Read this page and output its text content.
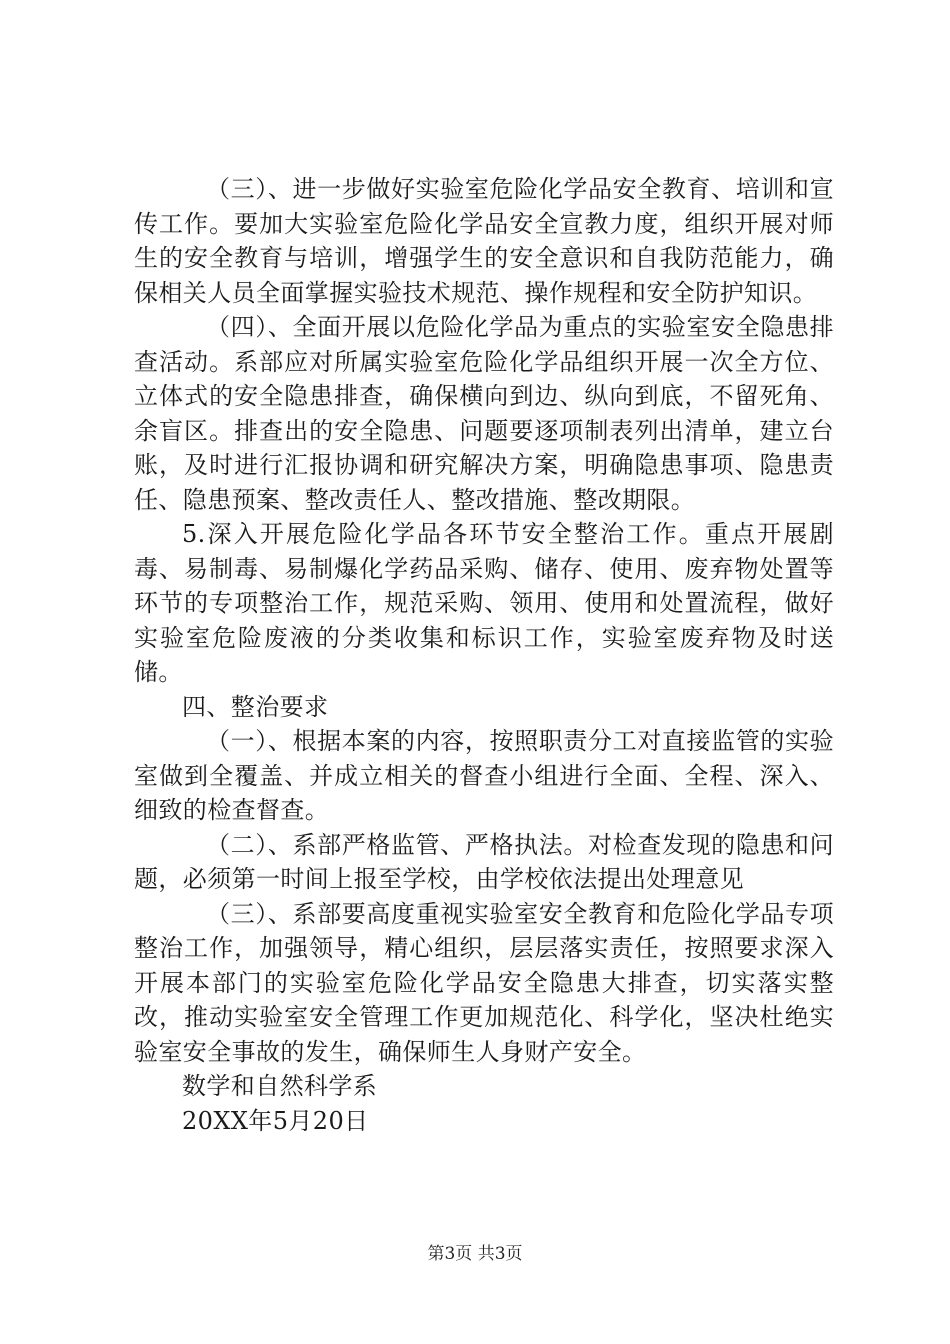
（三）、进一步做好实验室危险化学品安全教育、培训和宣传工作。要加大实验室危险化学品安全宣教力度，组织开展对师生的安全教育与培训，增强学生的安全意识和自我防范能力，确保相关人员全面掌握实验技术规范、操作规程和安全防护知识。

（四）、全面开展以危险化学品为重点的实验室安全隐患排查活动。系部应对所属实验室危险化学品组织开展一次全方位、立体式的安全隐患排查，确保横向到边、纵向到底，不留死角、余盲区。排查出的安全隐患、问题要逐项制表列出清单，建立台账，及时进行汇报协调和研究解决方案，明确隐患事项、隐患责任、隐患预案、整改责任人、整改措施、整改期限。

5.深入开展危险化学品各环节安全整治工作。重点开展剧毒、易制毒、易制爆化学药品采购、储存、使用、废弃物处置等环节的专项整治工作，规范采购、领用、使用和处置流程，做好实验室危险废液的分类收集和标识工作，实验室废弃物及时送储。

四、整治要求

（一）、根据本案的内容，按照职责分工对直接监管的实验室做到全覆盖、并成立相关的督查小组进行全面、全程、深入、细致的检查督查。

（二）、系部严格监管、严格执法。对检查发现的隐患和问题，必须第一时间上报至学校，由学校依法提出处理意见

（三）、系部要高度重视实验室安全教育和危险化学品专项整治工作，加强领导，精心组织，层层落实责任，按照要求深入开展本部门的实验室危险化学品安全隐患大排查，切实落实整改，推动实验室安全管理工作更加规范化、科学化，坚决杜绝实验室安全事故的发生，确保师生人身财产安全。

数学和自然科学系

20XX年5月20日

第3页 共3页
